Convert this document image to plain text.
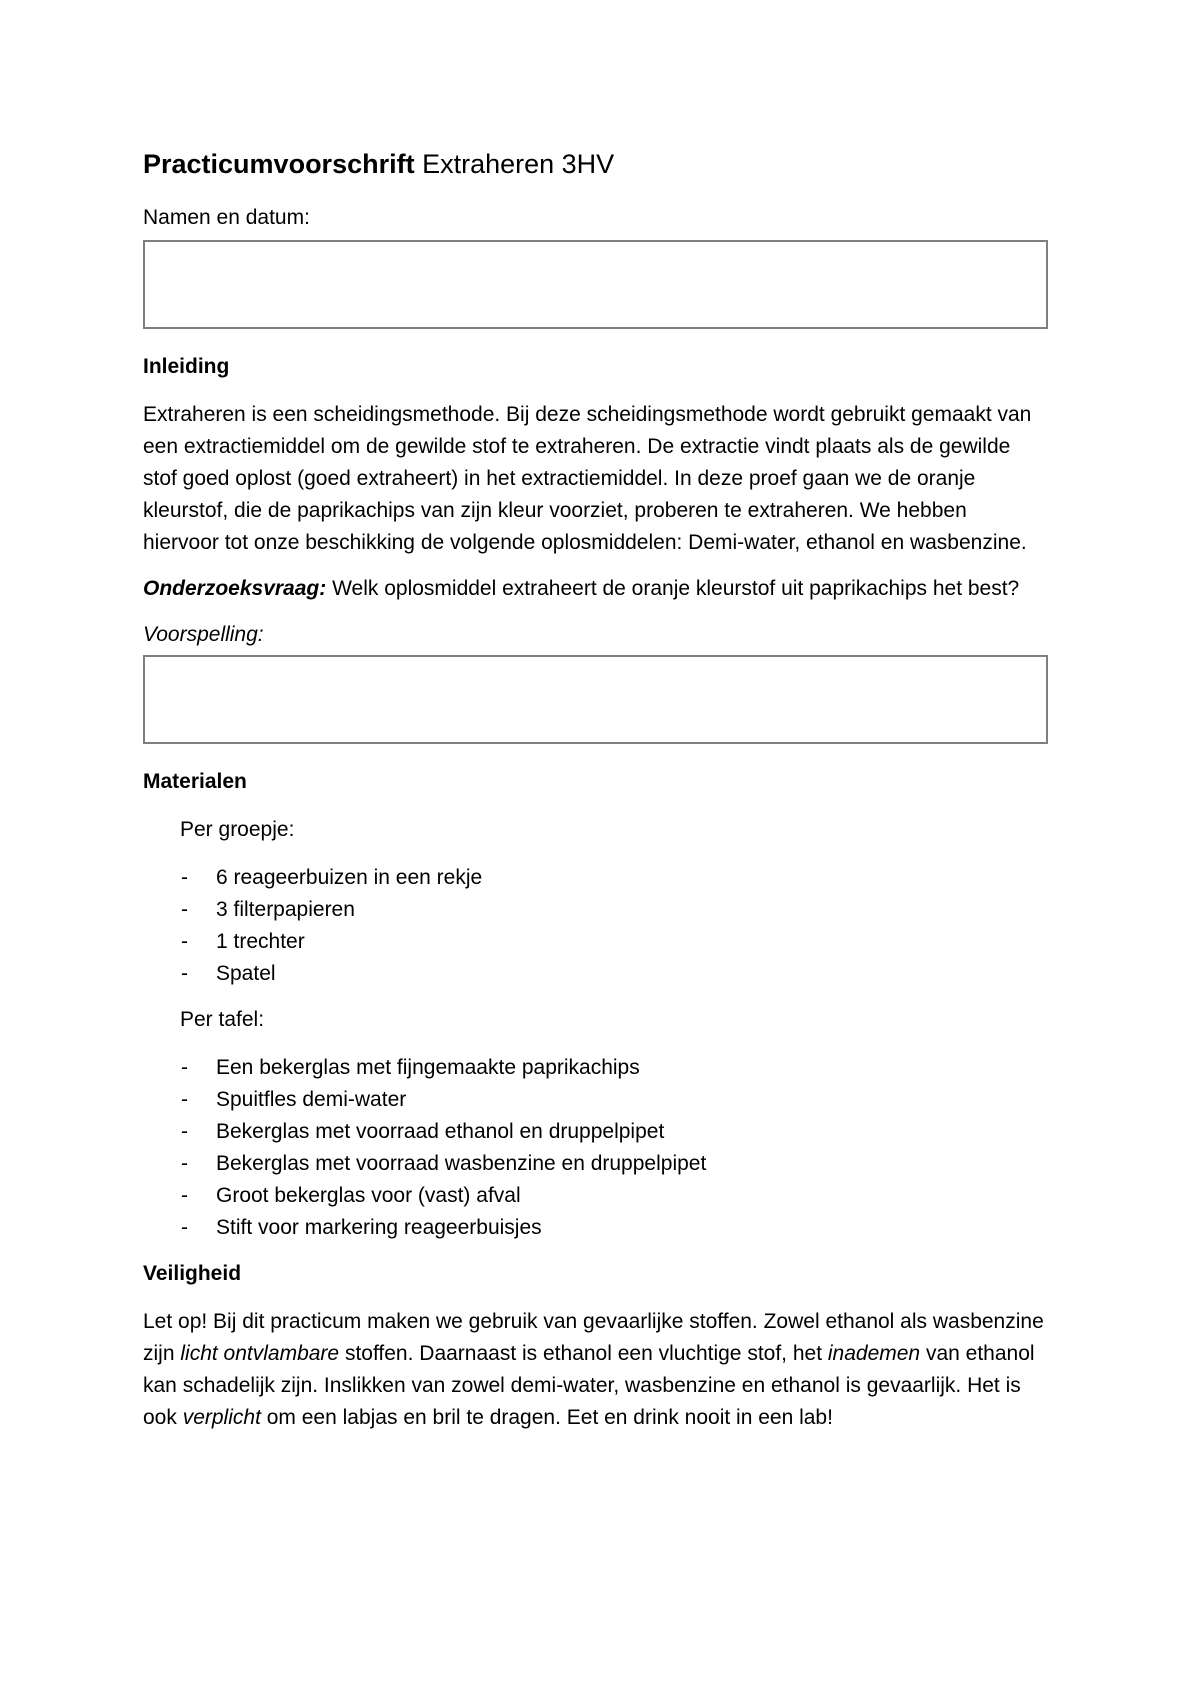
Practicumvoorschrift Extraheren 3HV
Namen en datum:
Inleiding
Extraheren is een scheidingsmethode. Bij deze scheidingsmethode wordt gebruikt gemaakt van een extractiemiddel om de gewilde stof te extraheren. De extractie vindt plaats als de gewilde stof goed oplost (goed extraheert) in het extractiemiddel. In deze proef gaan we de oranje kleurstof, die de paprikachips van zijn kleur voorziet, proberen te extraheren. We hebben hiervoor tot onze beschikking de volgende oplosmiddelen: Demi-water, ethanol en wasbenzine.
Onderzoeksvraag: Welk oplosmiddel extraheert de oranje kleurstof uit paprikachips het best?
Voorspelling:
Materialen
Per groepje:
- 6 reageerbuizen in een rekje
- 3 filterpapieren
- 1 trechter
- Spatel
Per tafel:
- Een bekerglas met fijngemaakte paprikachips
- Spuitfles demi-water
- Bekerglas met voorraad ethanol en druppelpipet
- Bekerglas met voorraad wasbenzine en druppelpipet
- Groot bekerglas voor (vast) afval
- Stift voor markering reageerbuisjes
Veiligheid
Let op! Bij dit practicum maken we gebruik van gevaarlijke stoffen. Zowel ethanol als wasbenzine zijn licht ontvlambare stoffen. Daarnaast is ethanol een vluchtige stof, het inademen van ethanol kan schadelijk zijn. Inslikken van zowel demi-water, wasbenzine en ethanol is gevaarlijk. Het is ook verplicht om een labjas en bril te dragen. Eet en drink nooit in een lab!
